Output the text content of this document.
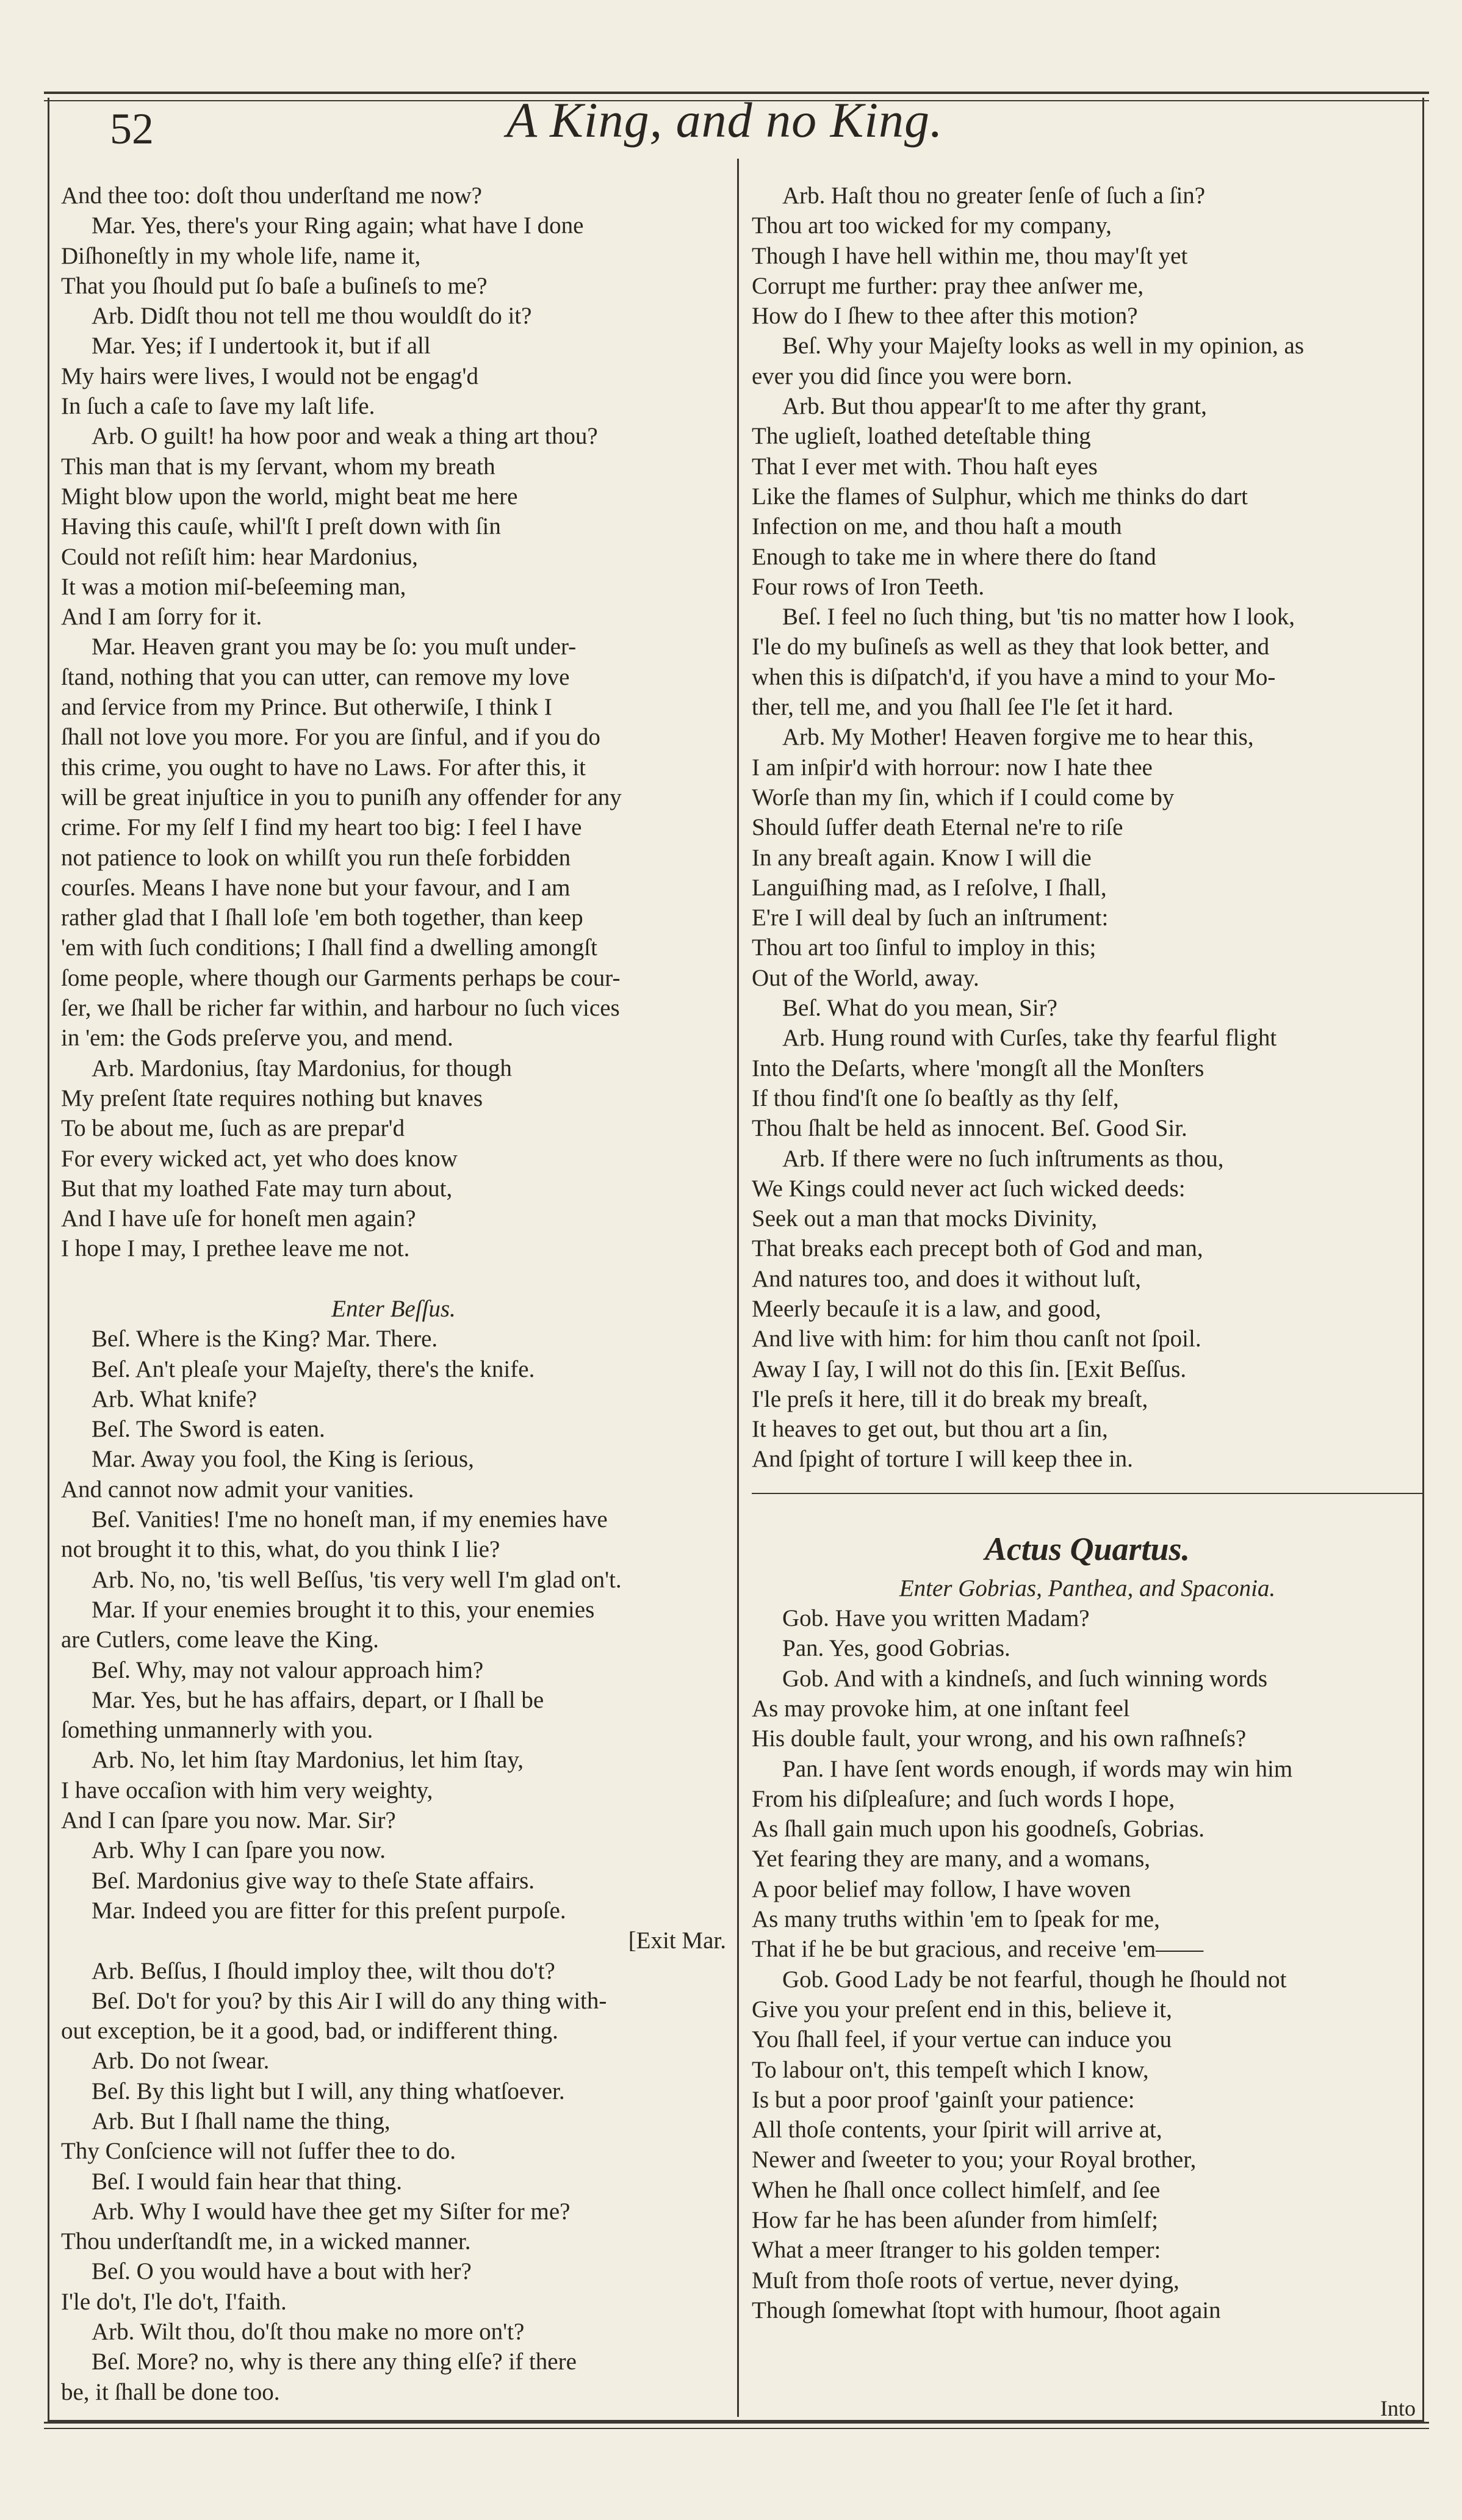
52	A King, and no King.
And thee too: doſt thou underſtand me now?
Mar. Yes, there's your Ring again; what have I done
Diſhoneſtly in my whole life, name it,
That you ſhould put ſo baſe a buſineſs to me?
Arb. Didſt thou not tell me thou wouldſt do it?
Mar. Yes; if I undertook it, but if all
My hairs were lives, I would not be engag'd
In ſuch a caſe to ſave my laſt life.
Arb. O guilt! ha how poor and weak a thing art thou?
This man that is my ſervant, whom my breath
Might blow upon the world, might beat me here
Having this cauſe, whil'ſt I preſt down with ſin
Could not reſiſt him: hear Mardonius,
It was a motion miſ-beſeeming man,
And I am ſorry for it.
Mar. Heaven grant you may be ſo: you muſt under-
ſtand, nothing that you can utter, can remove my love
and ſervice from my Prince. But otherwiſe, I think I
ſhall not love you more. For you are ſinful, and if you do
this crime, you ought to have no Laws. For after this, it
will be great injuſtice in you to puniſh any offender for any
crime. For my ſelf I find my heart too big: I feel I have
not patience to look on whilſt you run theſe forbidden
courſes. Means I have none but your favour, and I am
rather glad that I ſhall loſe 'em both together, than keep
'em with ſuch conditions; I ſhall find a dwelling amongſt
ſome people, where though our Garments perhaps be cour-
ſer, we ſhall be richer far within, and harbour no ſuch vices
in 'em: the Gods preſerve you, and mend.
Arb. Mardonius, ſtay Mardonius, for though
My preſent ſtate requires nothing but knaves
To be about me, ſuch as are prepar'd
For every wicked act, yet who does know
But that my loathed Fate may turn about,
And I have uſe for honeſt men again?
I hope I may, I prethee leave me not.
Enter Beſſus.
Beſ. Where is the King? Mar. There.
Beſ. An't pleaſe your Majeſty, there's the knife.
Arb. What knife?
Beſ. The Sword is eaten.
Mar. Away you fool, the King is ſerious,
And cannot now admit your vanities.
Beſ. Vanities! I'me no honeſt man, if my enemies have
not brought it to this, what, do you think I lie?
Arb. No, no, 'tis well Beſſus, 'tis very well I'm glad on't.
Mar. If your enemies brought it to this, your enemies
are Cutlers, come leave the King.
Beſ. Why, may not valour approach him?
Mar. Yes, but he has affairs, depart, or I ſhall be
ſomething unmannerly with you.
Arb. No, let him ſtay Mardonius, let him ſtay,
I have occaſion with him very weighty,
And I can ſpare you now. Mar. Sir?
Arb. Why I can ſpare you now.
Beſ. Mardonius give way to theſe State affairs.
Mar. Indeed you are fitter for this preſent purpoſe.
[Exit Mar.
Arb. Beſſus, I ſhould imploy thee, wilt thou do't?
Beſ. Do't for you? by this Air I will do any thing with-
out exception, be it a good, bad, or indifferent thing.
Arb. Do not ſwear.
Beſ. By this light but I will, any thing whatſoever.
Arb. But I ſhall name the thing,
Thy Conſcience will not ſuffer thee to do.
Beſ. I would fain hear that thing.
Arb. Why I would have thee get my Siſter for me?
Thou underſtandſt me, in a wicked manner.
Beſ. O you would have a bout with her?
I'le do't, I'le do't, I'faith.
Arb. Wilt thou, do'ſt thou make no more on't?
Beſ. More? no, why is there any thing elſe? if there
be, it ſhall be done too.
Arb. Haſt thou no greater ſenſe of ſuch a ſin?
Thou art too wicked for my company,
Though I have hell within me, thou may'ſt yet
Corrupt me further: pray thee anſwer me,
How do I ſhew to thee after this motion?
Beſ. Why your Majeſty looks as well in my opinion, as
ever you did ſince you were born.
Arb. But thou appear'ſt to me after thy grant,
The uglieſt, loathed deteſtable thing
That I ever met with. Thou haſt eyes
Like the flames of Sulphur, which me thinks do dart
Infection on me, and thou haſt a mouth
Enough to take me in where there do ſtand
Four rows of Iron Teeth.
Beſ. I feel no ſuch thing, but 'tis no matter how I look,
I'le do my buſineſs as well as they that look better, and
when this is diſpatch'd, if you have a mind to your Mo-
ther, tell me, and you ſhall ſee I'le ſet it hard.
Arb. My Mother! Heaven forgive me to hear this,
I am inſpir'd with horrour: now I hate thee
Worſe than my ſin, which if I could come by
Should ſuffer death Eternal ne're to riſe
In any breaſt again. Know I will die
Languiſhing mad, as I reſolve, I ſhall,
E're I will deal by ſuch an inſtrument:
Thou art too ſinful to imploy in this;
Out of the World, away.
Beſ. What do you mean, Sir?
Arb. Hung round with Curſes, take thy fearful flight
Into the Deſarts, where 'mongſt all the Monſters
If thou find'ſt one ſo beaſtly as thy ſelf,
Thou ſhalt be held as innocent. Beſ. Good Sir.
Arb. If there were no ſuch inſtruments as thou,
We Kings could never act ſuch wicked deeds:
Seek out a man that mocks Divinity,
That breaks each precept both of God and man,
And natures too, and does it without luſt,
Meerly becauſe it is a law, and good,
And live with him: for him thou canſt not ſpoil.
Away I ſay, I will not do this ſin. [Exit Beſſus.
I'le preſs it here, till it do break my breaſt,
It heaves to get out, but thou art a ſin,
And ſpight of torture I will keep thee in.
Actus Quartus.
Enter Gobrias, Panthea, and Spaconia.
Gob. Have you written Madam?
Pan. Yes, good Gobrias.
Gob. And with a kindneſs, and ſuch winning words
As may provoke him, at one inſtant feel
His double fault, your wrong, and his own raſhneſs?
Pan. I have ſent words enough, if words may win him
From his diſpleaſure; and ſuch words I hope,
As ſhall gain much upon his goodneſs, Gobrias.
Yet fearing they are many, and a womans,
A poor belief may follow, I have woven
As many truths within 'em to ſpeak for me,
That if he be but gracious, and receive 'em——
Gob. Good Lady be not fearful, though he ſhould not
Give you your preſent end in this, believe it,
You ſhall feel, if your vertue can induce you
To labour on't, this tempeſt which I know,
Is but a poor proof 'gainſt your patience:
All thoſe contents, your ſpirit will arrive at,
Newer and ſweeter to you; your Royal brother,
When he ſhall once collect himſelf, and ſee
How far he has been aſunder from himſelf;
What a meer ſtranger to his golden temper:
Muſt from thoſe roots of vertue, never dying,
Though ſomewhat ſtopt with humour, ſhoot again
Into
